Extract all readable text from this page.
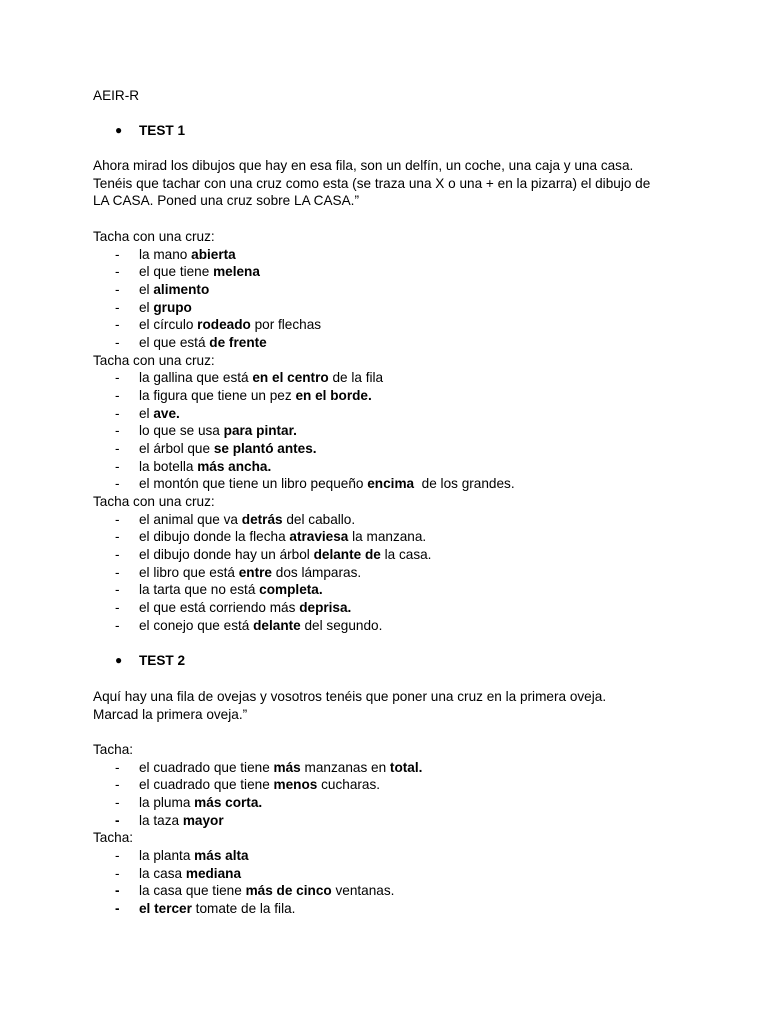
AEIR-R
● TEST 1

Ahora mirad los dibujos que hay en esa fila, son un delfín, un coche, una caja y una casa.

Tenéis que tachar con una cruz como esta (se traza una X o una + en la pizarra) el dibujo de

LA CASA. Poned una cruz sobre LA CASA.”

Tacha con una cruz:
- la mano abierta
- el que tiene melena
- el alimento
- el grupo
- el círculo rodeado por flechas
- el que está de frente
Tacha con una cruz:
- la gallina que está en el centro de la fila
- la figura que tiene un pez en el borde.
- el ave.
- lo que se usa para pintar.
- el árbol que se plantó antes.
- la botella más ancha.
- el montón que tiene un libro pequeño encima  de los grandes.
Tacha con una cruz:
- el animal que va detrás del caballo.
- el dibujo donde la flecha atraviesa la manzana.
- el dibujo donde hay un árbol delante de la casa.
- el libro que está entre dos lámparas.
- la tarta que no está completa.
- el que está corriendo más deprisa.
- el conejo que está delante del segundo.
● TEST 2

Aquí hay una fila de ovejas y vosotros tenéis que poner una cruz en la primera oveja.

Marcad la primera oveja.”

Tacha:
- el cuadrado que tiene más manzanas en total.
- el cuadrado que tiene menos cucharas.
- la pluma más corta.
- la taza mayor
Tacha:
- la planta más alta
- la casa mediana
- la casa que tiene más de cinco ventanas.
- el tercer tomate de la fila.
